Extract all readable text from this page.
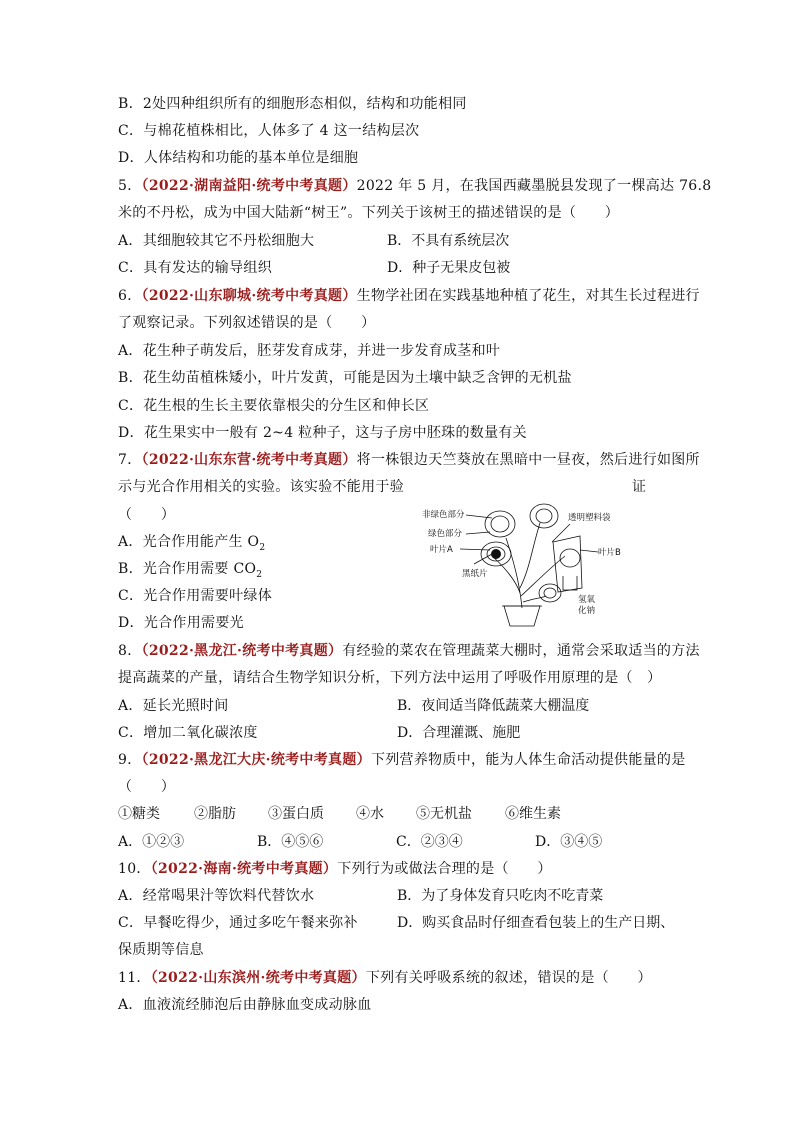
B．2处四种组织所有的细胞形态相似，结构和功能相同
C．与棉花植株相比，人体多了 4 这一结构层次
D．人体结构和功能的基本单位是细胞
5．（2022·湖南益阳·统考中考真题）2022 年 5 月，在我国西藏墨脱县发现了一棵高达 76.8
米的不丹松，成为中国大陆新“树王”。下列关于该树王的描述错误的是（　　）
A．其细胞较其它不丹松细胞大	B．不具有系统层次
C．具有发达的输导组织	D．种子无果皮包被
6．（2022·山东聊城·统考中考真题）生物学社团在实践基地种植了花生，对其生长过程进行
了观察记录。下列叙述错误的是（　　）
A．花生种子萌发后，胚芽发育成芽，并进一步发育成茎和叶
B．花生幼苗植株矮小，叶片发黄，可能是因为土壤中缺乏含钾的无机盐
C．花生根的生长主要依靠根尖的分生区和伸长区
D．花生果实中一般有 2~4 粒种子，这与子房中胚珠的数量有关
7．（2022·山东东营·统考中考真题）将一株银边天竺葵放在黑暗中一昼夜，然后进行如图所
示与光合作用相关的实验。该实验不能用于验	证
（　　）
A．光合作用能产生 $O_2$
B．光合作用需要 $CO_2$
C．光合作用需要叶绿体
D．光合作用需要光
非绿色部分
绿色部分
叶片A
黑纸片
透明塑料袋
叶片B
氢氧
化钠
8．（2022·黑龙江·统考中考真题）有经验的菜农在管理蔬菜大棚时，通常会采取适当的方法
提高蔬菜的产量，请结合生物学知识分析，下列方法中运用了呼吸作用原理的是（　）
A．延长光照时间	B．夜间适当降低蔬菜大棚温度
C．增加二氧化碳浓度	D．合理灌溉、施肥
9．（2022·黑龙江大庆·统考中考真题）下列营养物质中，能为人体生命活动提供能量的是
（　　）
①糖类 ②脂肪 ③蛋白质 ④水 ⑤无机盐 ⑥维生素
A．①②③	B．④⑤⑥	C．②③④	D．③④⑤
10．（2022·海南·统考中考真题）下列行为或做法合理的是（　　）
A．经常喝果汁等饮料代替饮水	B．为了身体发育只吃肉不吃青菜
C．早餐吃得少，通过多吃午餐来弥补	D．购买食品时仔细查看包装上的生产日期、
保质期等信息
11．（2022·山东滨州·统考中考真题）下列有关呼吸系统的叙述，错误的是（　　）
A．血液流经肺泡后由静脉血变成动脉血
